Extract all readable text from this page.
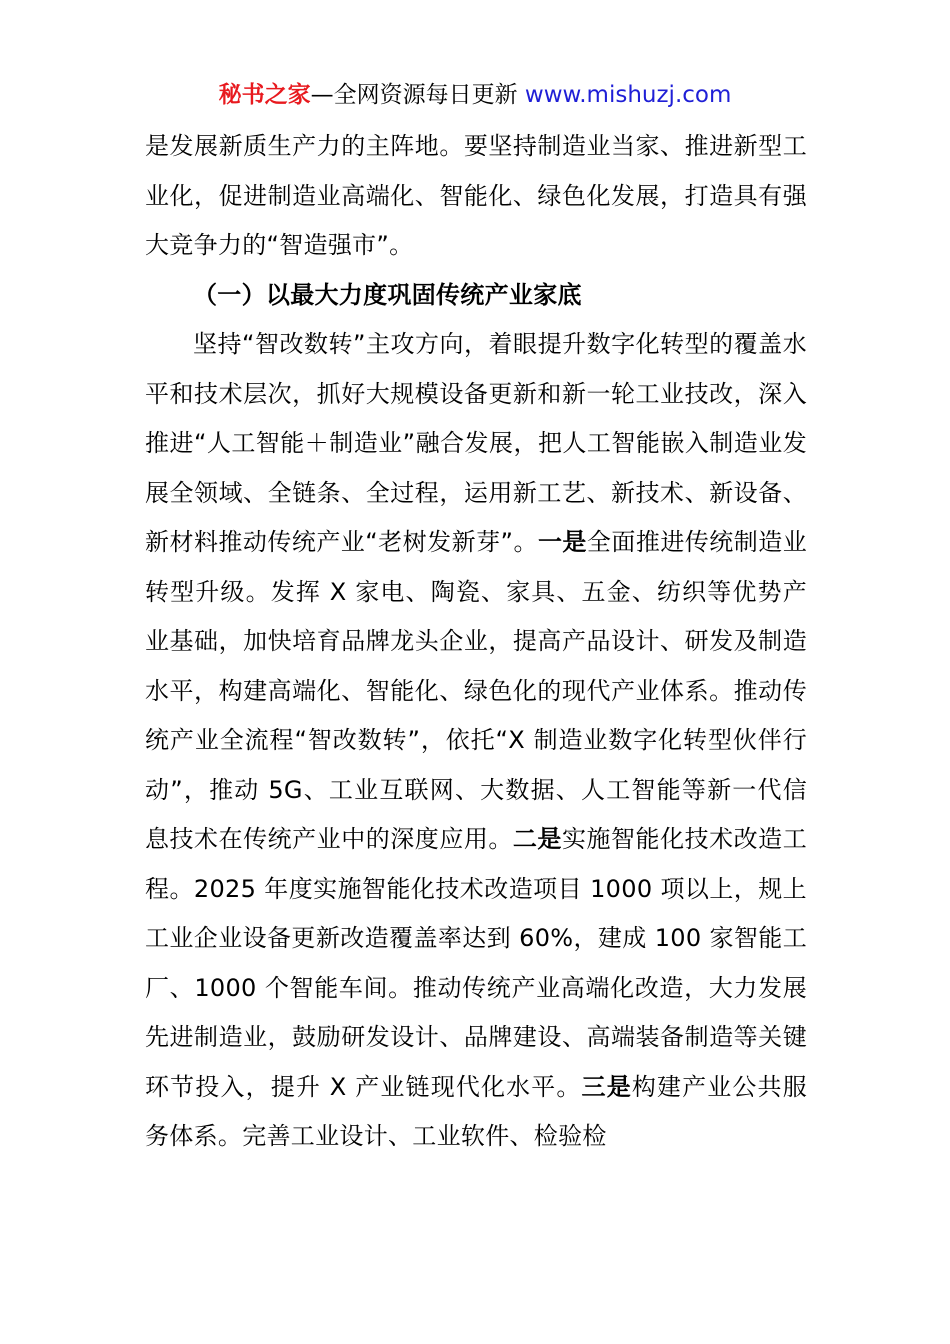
秘书之家—全网资源每日更新 www.mishuzj.com

是发展新质生产力的主阵地。要坚持制造业当家、推进新型工业化，促进制造业高端化、智能化、绿色化发展，打造具有强大竞争力的“智造强市”。

（一）以最大力度巩固传统产业家底

坚持“智改数转”主攻方向，着眼提升数字化转型的覆盖水平和技术层次，抓好大规模设备更新和新一轮工业技改，深入推进“人工智能＋制造业”融合发展，把人工智能嵌入制造业发展全领域、全链条、全过程，运用新工艺、新技术、新设备、新材料推动传统产业“老树发新芽”。一是全面推进传统制造业转型升级。发挥 X 家电、陶瓷、家具、五金、纺织等优势产业基础，加快培育品牌龙头企业，提高产品设计、研发及制造水平，构建高端化、智能化、绿色化的现代产业体系。推动传统产业全流程“智改数转”，依托“X 制造业数字化转型伙伴行动”，推动 5G、工业互联网、大数据、人工智能等新一代信息技术在传统产业中的深度应用。二是实施智能化技术改造工程。2025 年度实施智能化技术改造项目 1000 项以上，规上工业企业设备更新改造覆盖率达到 60%，建成 100 家智能工厂、1000 个智能车间。推动传统产业高端化改造，大力发展先进制造业，鼓励研发设计、品牌建设、高端装备制造等关键环节投入，提升 X 产业链现代化水平。三是构建产业公共服务体系。完善工业设计、工业软件、检验检
